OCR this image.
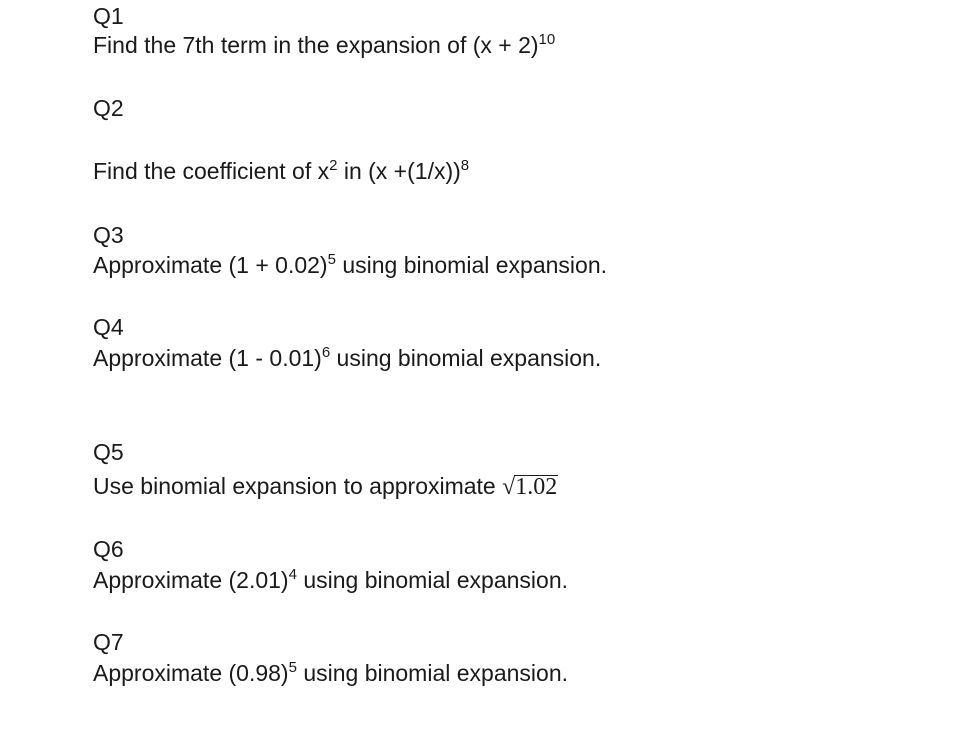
Q1
Find the 7th term in the expansion of $(x + 2)^{10}$
Q2
Find the coefficient of $x^2$ in $(x +(1/x))^8$
Q3
Approximate $(1 + 0.02)^5$ using binomial expansion.
Q4
Approximate (1 - 0.01)$^6$ using binomial expansion.
Q5
Use binomial expansion to approximate √1.02
Q6
Approximate $(2.01)^4$ using binomial expansion.
Q7
Approximate $(0.98)^5$ using binomial expansion.
